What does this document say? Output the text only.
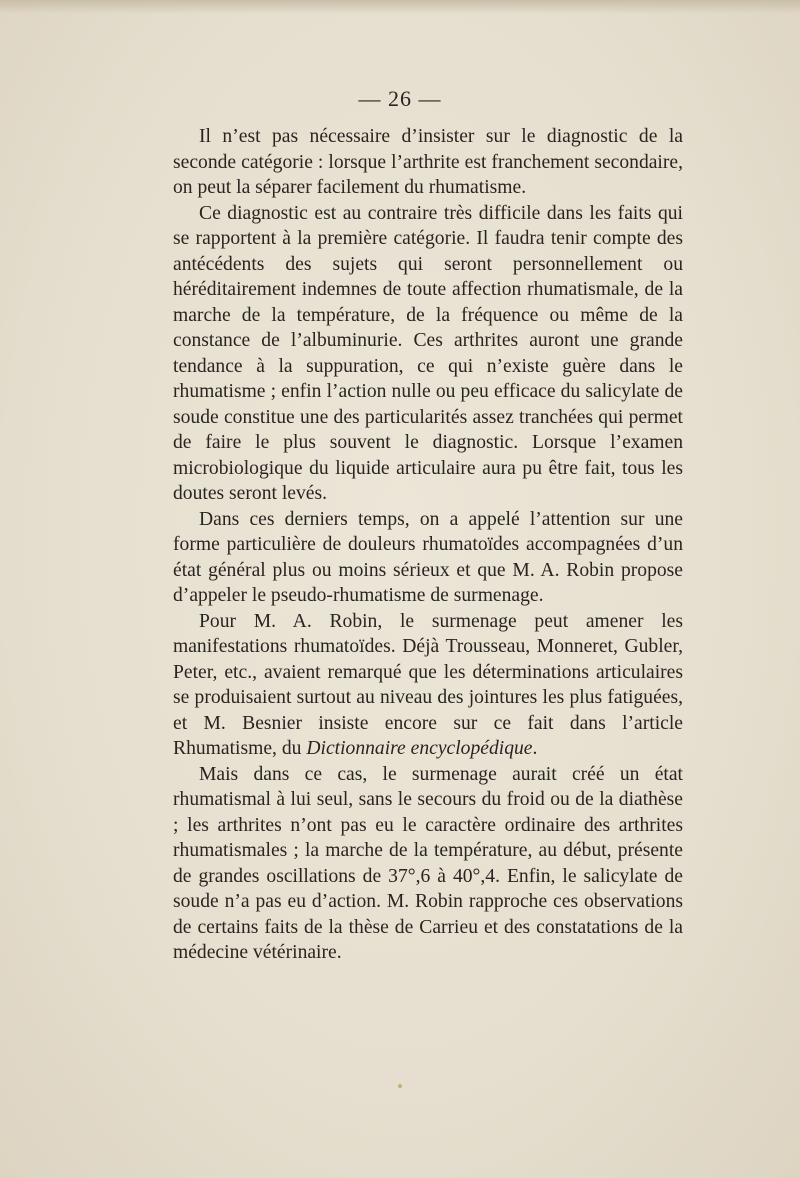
— 26 —

Il n’est pas nécessaire d’insister sur le diagnostic de la seconde catégorie : lorsque l’arthrite est franchement secondaire, on peut la séparer facilement du rhumatisme.

Ce diagnostic est au contraire très difficile dans les faits qui se rapportent à la première catégorie. Il faudra tenir compte des antécédents des sujets qui seront personnellement ou héréditairement indemnes de toute affection rhumatismale, de la marche de la température, de la fréquence ou même de la constance de l’albuminurie. Ces arthrites auront une grande tendance à la suppuration, ce qui n’existe guère dans le rhumatisme ; enfin l’action nulle ou peu efficace du salicylate de soude constitue une des particularités assez tranchées qui permet de faire le plus souvent le diagnostic. Lorsque l’examen microbiologique du liquide articulaire aura pu être fait, tous les doutes seront levés.

Dans ces derniers temps, on a appelé l’attention sur une forme particulière de douleurs rhumatoïdes accompagnées d’un état général plus ou moins sérieux et que M. A. Robin propose d’appeler le pseudo-rhumatisme de surmenage.

Pour M. A. Robin, le surmenage peut amener les manifestations rhumatoïdes. Déjà Trousseau, Monneret, Gubler, Peter, etc., avaient remarqué que les déterminations articulaires se produisaient surtout au niveau des jointures les plus fatiguées, et M. Besnier insiste encore sur ce fait dans l’article Rhumatisme, du Dictionnaire encyclopédique.

Mais dans ce cas, le surmenage aurait créé un état rhumatismal à lui seul, sans le secours du froid ou de la diathèse ; les arthrites n’ont pas eu le caractère ordinaire des arthrites rhumatismales ; la marche de la température, au début, présente de grandes oscillations de 37°,6 à 40°,4. Enfin, le salicylate de soude n’a pas eu d’action. M. Robin rapproche ces observations de certains faits de la thèse de Carrieu et des constatations de la médecine vétérinaire.
